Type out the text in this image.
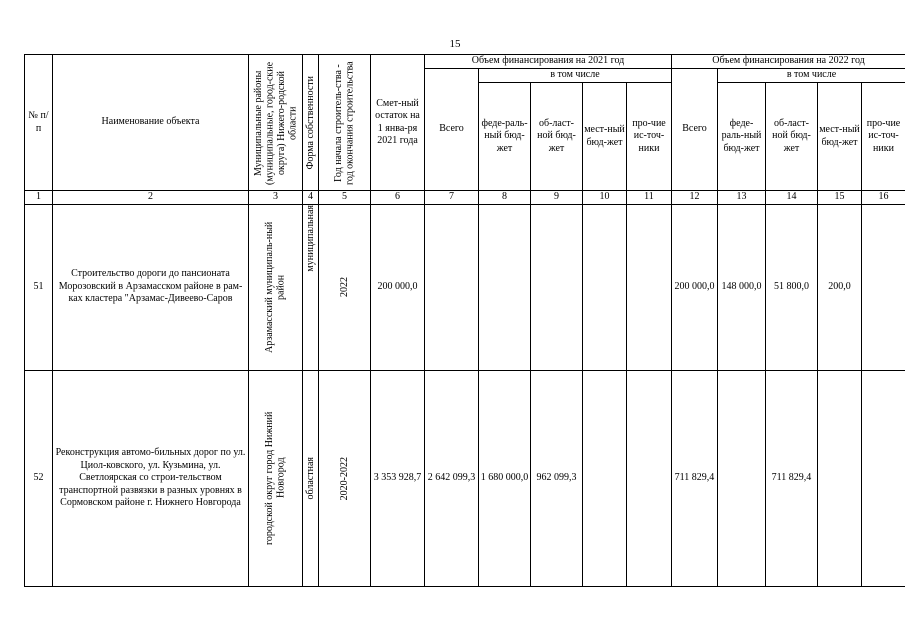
15
№ п/п	Наименование объекта	Муниципальные районы (муниципальные, город-ские округа) Нижего-родской области	Форма собственности	Год начала строитель-ства - год окончания строительства	Смет-ный остаток на 1 янва-ря 2021 года	Объем финансирования на 2021 год					Объем финансирования на 2022 год				
						Всего	в том числе				Всего	в том числе			
							феде-раль-ный бюд-жет	об-ласт-ной бюд-жет	мест-ный бюд-жет	про-чие ис-точ-ники		феде-раль-ный бюд-жет	об-ласт-ной бюд-жет	мест-ный бюд-жет	про-чие ис-точ-ники
1	2	3	4	5	6	7	8	9	10	11	12	13	14	15	16
51	Строительство дороги до пансионата Морозовский в Арзамасском районе в рам-ках кластера "Арзамас-Дивеево-Саров	Арзамасский муниципаль-ный район	муниципальная	2022	200 000,0						200 000,0	148 000,0	51 800,0	200,0	
52	Реконструкция автомо-бильных дорог по ул. Циол-ковского, ул. Кузьмина, ул. Светлоярская со строи-тельством транспортной развязки в разных уровнях в Сормовском районе г. Нижнего Новгорода	городской округ город Нижний Новгород	областная	2020-2022	3 353 928,7	2 642 099,3	1 680 000,0	962 099,3			711 829,4		711 829,4		
